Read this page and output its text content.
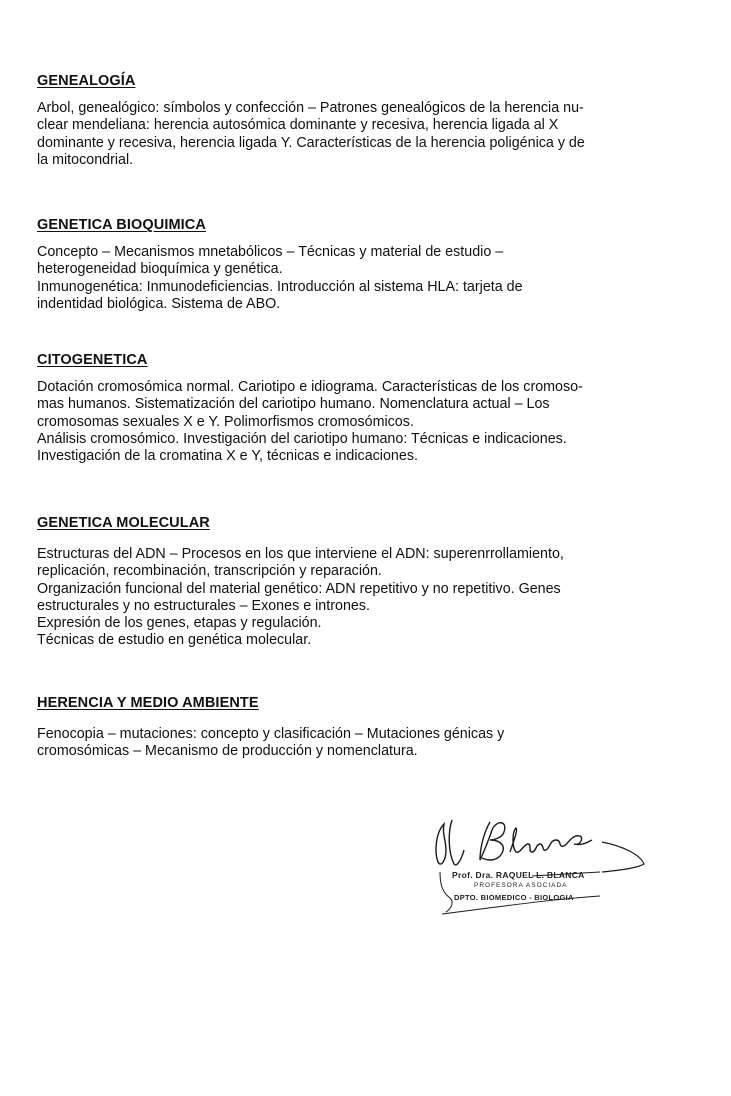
GENEALOGÍA

Arbol, genealógico: símbolos y confección – Patrones genealógicos de la herencia nu-
clear mendeliana: herencia autosómica dominante y recesiva, herencia ligada al X
dominante y recesiva, herencia ligada Y. Características de la herencia poligénica y de
la mitocondrial.

GENETICA BIOQUIMICA

Concepto – Mecanismos mnetabólicos – Técnicas y material de estudio –
heterogeneidad bioquímica y genética.
Inmunogenética: Inmunodeficiencias. Introducción al sistema HLA: tarjeta de
indentidad biológica. Sistema de ABO.

CITOGENETICA

Dotación cromosómica normal. Cariotipo e idiograma. Características de los cromoso-
mas humanos. Sistematización del cariotipo humano. Nomenclatura actual – Los
cromosomas sexuales X e Y. Polimorfismos cromosómicos.
Análisis cromosómico. Investigación del cariotipo humano: Técnicas e indicaciones.
Investigación de la cromatina X e Y, técnicas e indicaciones.

GENETICA MOLECULAR

Estructuras del ADN – Procesos en los que interviene el ADN: superenrrollamiento,
replicación, recombinación, transcripción y reparación.
Organización funcional del material genético: ADN repetitivo y no repetitivo. Genes
estructurales y no estructurales – Exones e intrones.
Expresión de los genes, etapas y regulación.
Técnicas de estudio en genética molecular.

HERENCIA Y MEDIO AMBIENTE

Fenocopia – mutaciones: concepto y clasificación – Mutaciones génicas y
cromosómicas – Mecanismo de producción y nomenclatura.

Prof. Dra. RAQUEL L. BLANCA
PROFESORA ASOCIADA
DPTO. BIOMEDICO - BIOLOGIA
